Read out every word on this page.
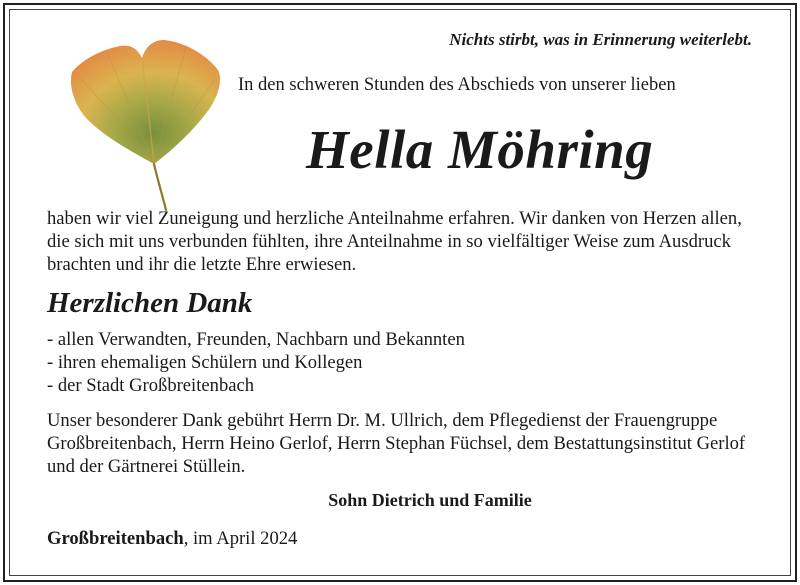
Nichts stirbt, was in Erinnerung weiterlebt.
In den schweren Stunden des Abschieds von unserer lieben
Hella Möhring

haben wir viel Zuneigung und herzliche Anteilnahme erfahren. Wir danken von Herzen allen, die sich mit uns verbunden fühlten, ihre Anteilnahme in so vielfältiger Weise zum Ausdruck brachten und ihr die letzte Ehre erwiesen.

Herzlichen Dank
- allen Verwandten, Freunden, Nachbarn und Bekannten
- ihren ehemaligen Schülern und Kollegen
- der Stadt Großbreitenbach

Unser besonderer Dank gebührt Herrn Dr. M. Ullrich, dem Pflegedienst der Frauengruppe Großbreitenbach, Herrn Heino Gerlof, Herrn Stephan Füchsel, dem Bestattungsinstitut Gerlof und der Gärtnerei Stüllein.

Sohn Dietrich und Familie
Großbreitenbach, im April 2024
